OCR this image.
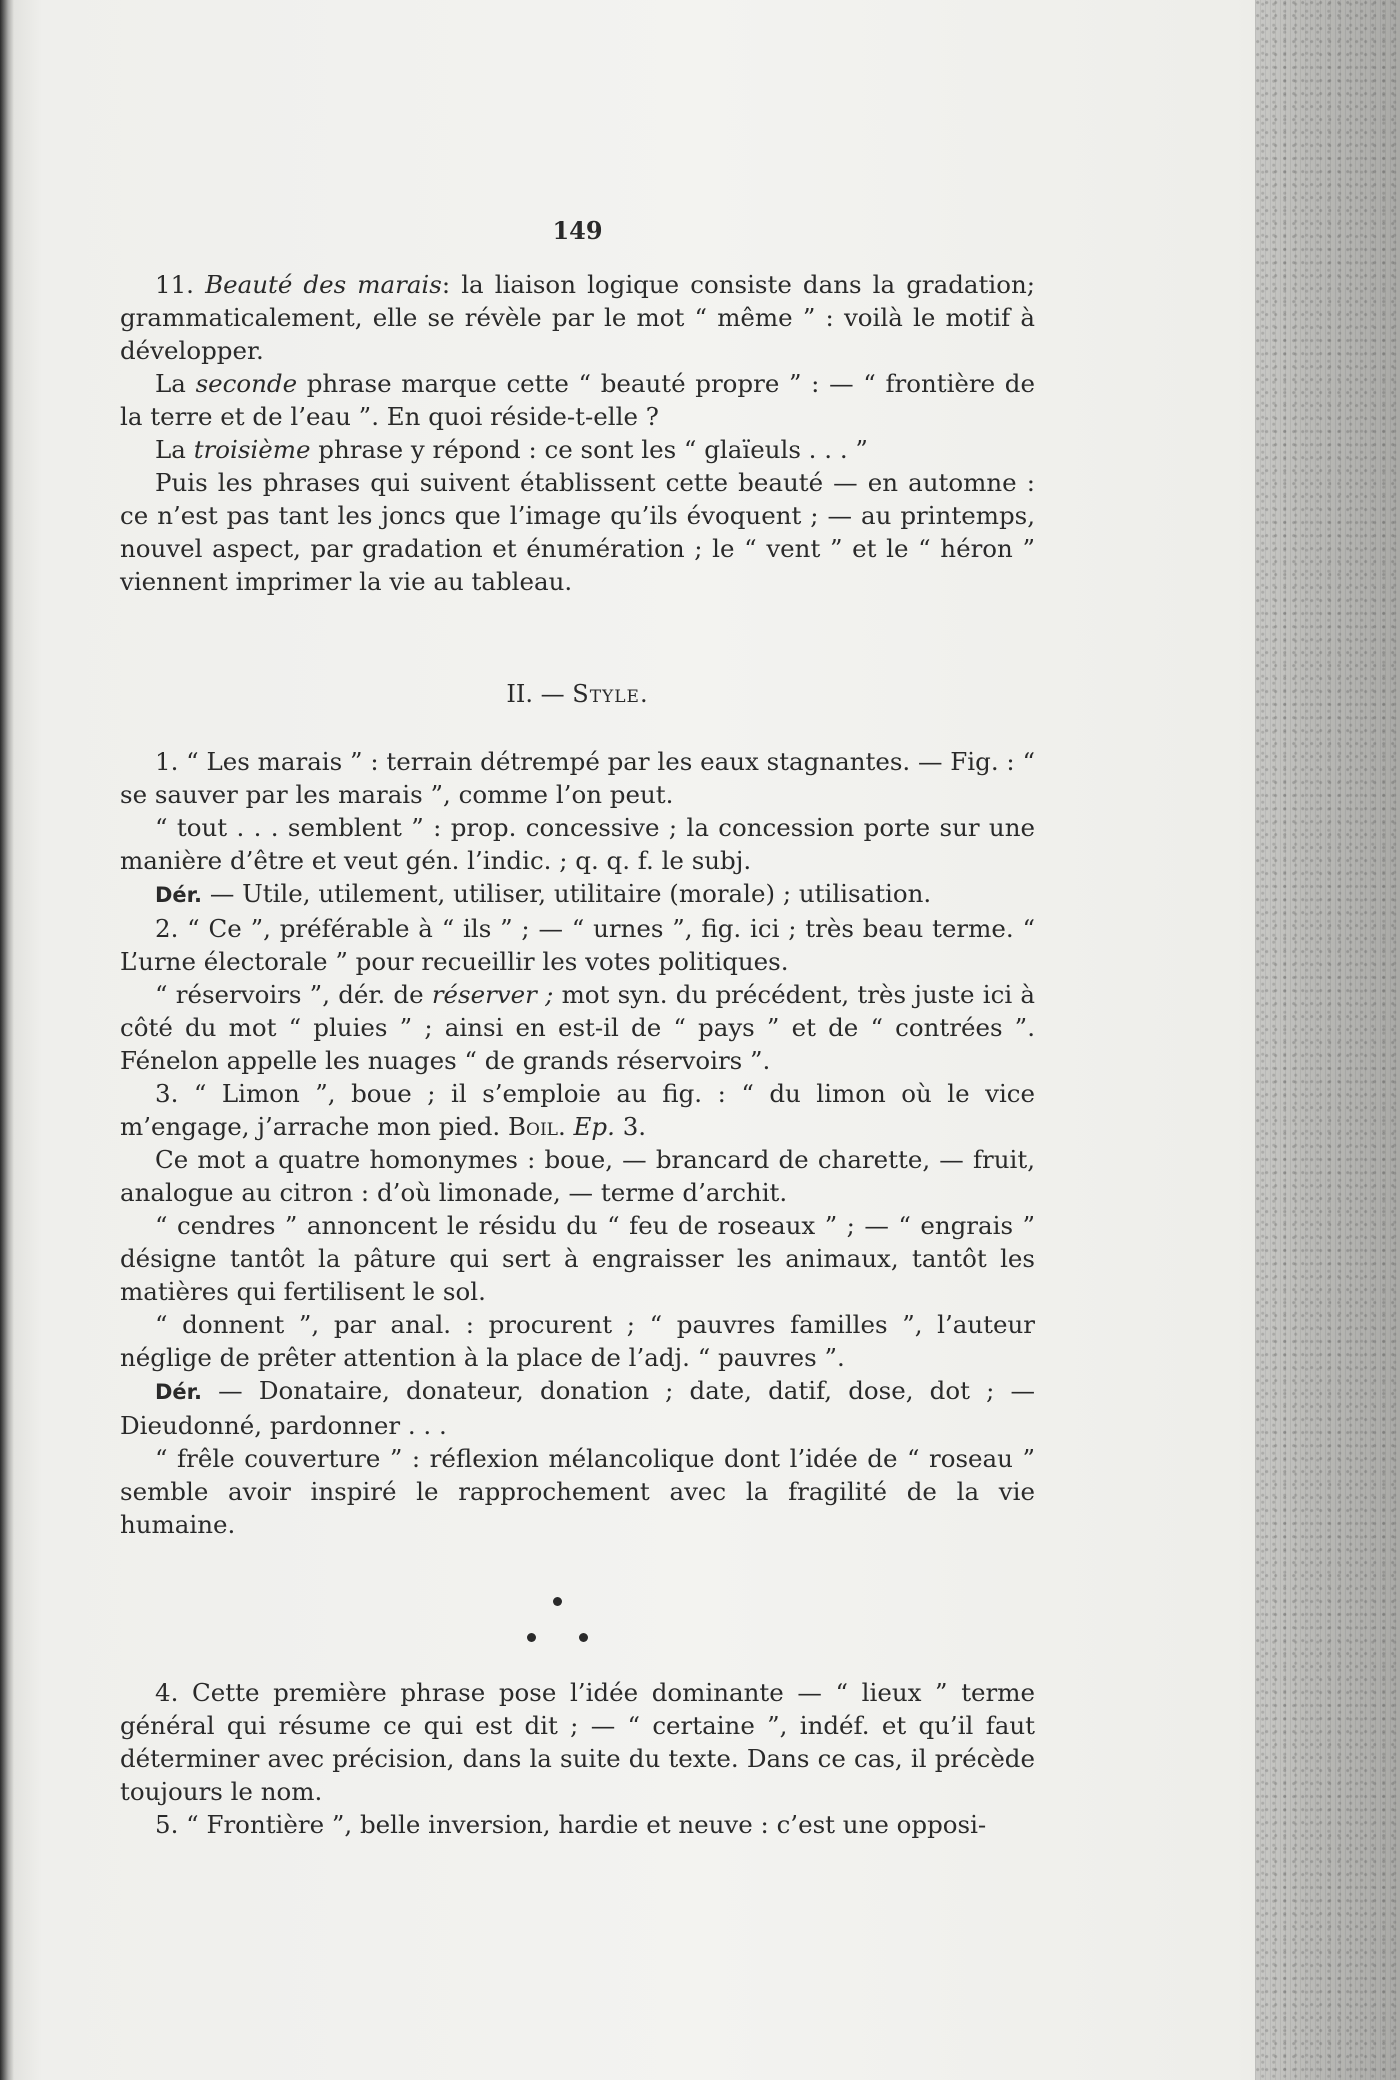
149

11. Beauté des marais: la liaison logique consiste dans la gradation; grammaticalement, elle se révèle par le mot “ même ” : voilà le motif à développer.

La seconde phrase marque cette “ beauté propre ” : — “ frontière de la terre et de l’eau ”. En quoi réside-t-elle ?

La troisième phrase y répond : ce sont les “ glaïeuls . . . ”

Puis les phrases qui suivent établissent cette beauté — en automne : ce n’est pas tant les joncs que l’image qu’ils évoquent ; — au printemps, nouvel aspect, par gradation et énumération ; le “ vent ” et le “ héron ” viennent imprimer la vie au tableau.

II. — Style.

1. “ Les marais ” : terrain détrempé par les eaux stagnantes. — Fig. : “ se sauver par les marais ”, comme l’on peut.

“ tout . . . semblent ” : prop. concessive ; la concession porte sur une manière d’être et veut gén. l’indic. ; q. q. f. le subj.

Dér. — Utile, utilement, utiliser, utilitaire (morale) ; utilisation.

2. “ Ce ”, préférable à “ ils ” ; — “ urnes ”, fig. ici ; très beau terme. “ L’urne électorale ” pour recueillir les votes politiques.

“ réservoirs ”, dér. de réserver ; mot syn. du précédent, très juste ici à côté du mot “ pluies ” ; ainsi en est-il de “ pays ” et de “ contrées ”. Fénelon appelle les nuages “ de grands réservoirs ”.

3. “ Limon ”, boue ; il s’emploie au fig. : “ du limon où le vice m’engage, j’arrache mon pied. Boil. Ep. 3.

Ce mot a quatre homonymes : boue, — brancard de charette, — fruit, analogue au citron : d’où limonade, — terme d’archit.

“ cendres ” annoncent le résidu du “ feu de roseaux ” ; — “ engrais ” désigne tantôt la pâture qui sert à engraisser les animaux, tantôt les matières qui fertilisent le sol.

“ donnent ”, par anal. : procurent ; “ pauvres familles ”, l’auteur néglige de prêter attention à la place de l’adj. “ pauvres ”.

Dér. — Donataire, donateur, donation ; date, datif, dose, dot ; — Dieudonné, pardonner . . .

“ frêle couverture ” : réflexion mélancolique dont l’idée de “ roseau ” semble avoir inspiré le rapprochement avec la fragilité de la vie humaine.

4. Cette première phrase pose l’idée dominante — “ lieux ” terme général qui résume ce qui est dit ; — “ certaine ”, indéf. et qu’il faut déterminer avec précision, dans la suite du texte. Dans ce cas, il précède toujours le nom.

5. “ Frontière ”, belle inversion, hardie et neuve : c’est une opposi-
